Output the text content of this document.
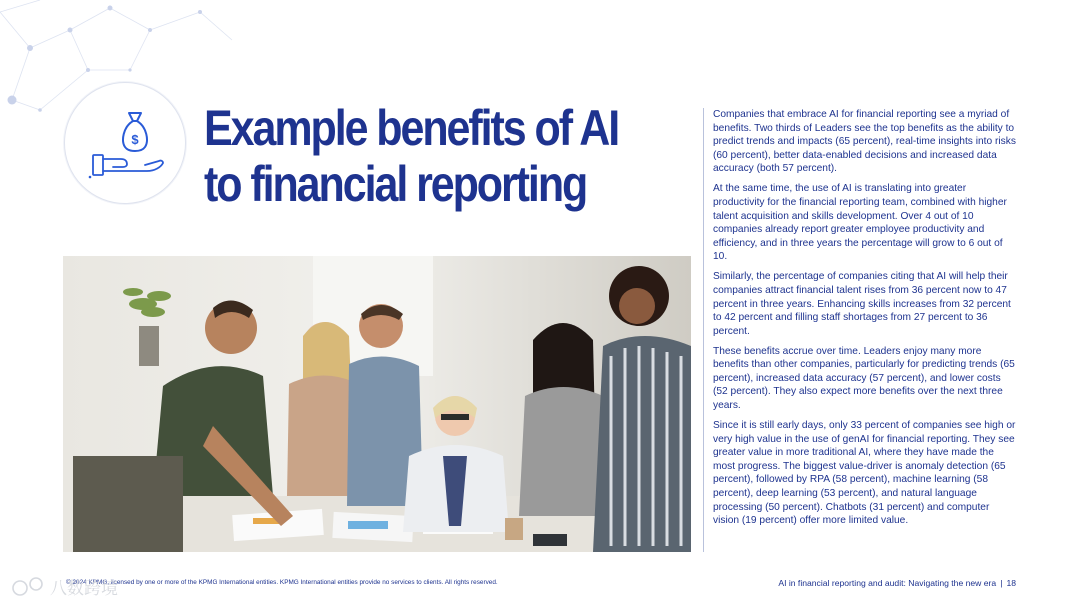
$ Example benefits of AI
to financial reporting

Companies that embrace AI for financial reporting see a myriad of benefits. Two thirds of Leaders see the top benefits as the ability to predict trends and impacts (65 percent), real-time insights into risks (60 percent), better data-enabled decisions and increased data accuracy (both 57 percent).

At the same time, the use of AI is translating into greater productivity for the financial reporting team, combined with higher talent acquisition and skills development. Over 4 out of 10 companies already report greater employee productivity and efficiency, and in three years the percentage will grow to 6 out of 10.

Similarly, the percentage of companies citing that AI will help their companies attract financial talent rises from 36 percent now to 47 percent in three years. Enhancing skills increases from 32 percent to 42 percent and filling staff shortages from 27 percent to 36 percent.

These benefits accrue over time. Leaders enjoy many more benefits than other companies, particularly for predicting trends (65 percent), increased data accuracy (57 percent), and lower costs (52 percent). They also expect more benefits over the next three years.

Since it is still early days, only 33 percent of companies see high or very high value in the use of genAI for financial reporting. They see greater value in more traditional AI, where they have made the most progress. The biggest value-driver is anomaly detection (65 percent), followed by RPA (58 percent), machine learning (58 percent), deep learning (53 percent), and natural language processing (50 percent). Chatbots (31 percent) and computer vision (19 percent) offer more limited value.

© 2024 KPMG, licensed by one or more of the KPMG International entities. KPMG International entities provide no services to clients. All rights reserved.	AI in financial reporting and audit: Navigating the new era | 18
八数跨境
